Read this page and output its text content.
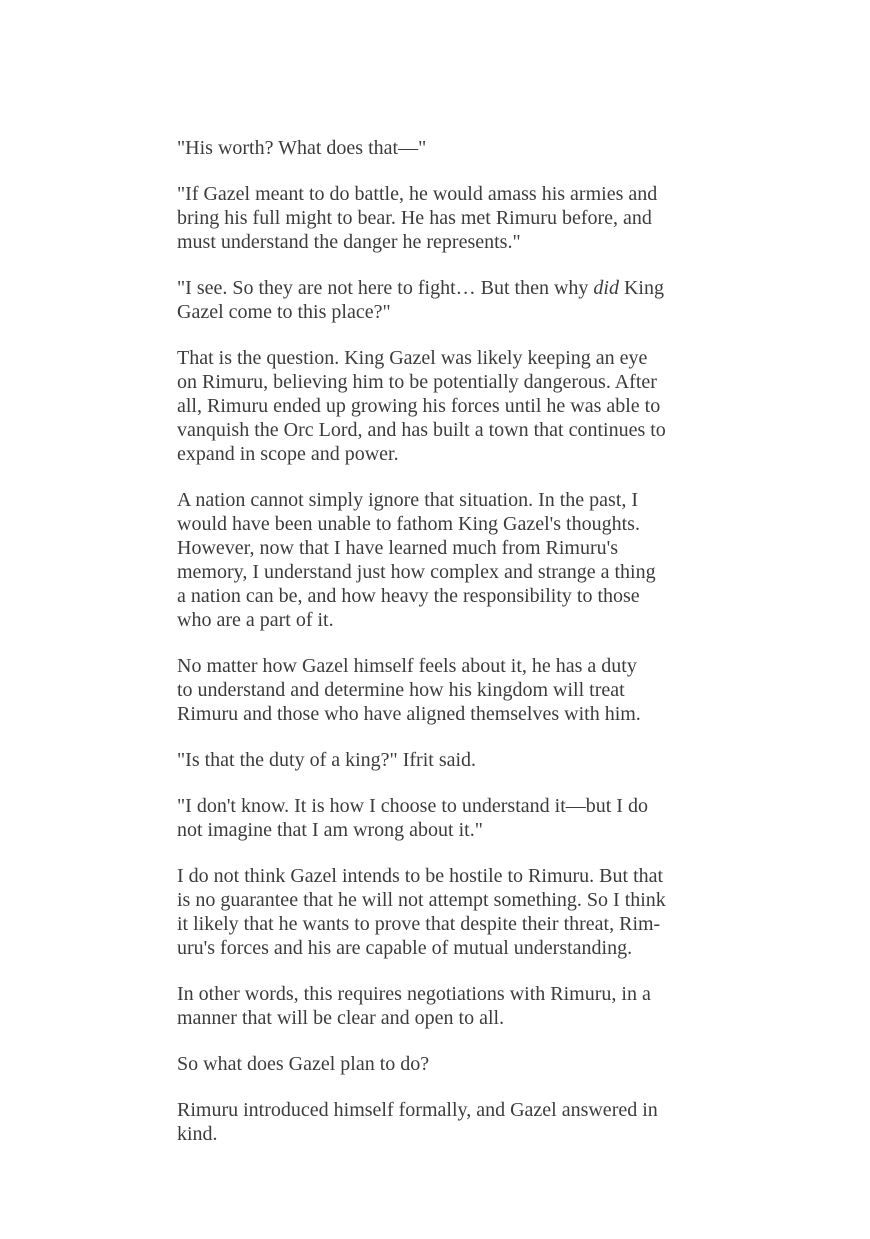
"His worth? What does that—"

"If Gazel meant to do battle, he would amass his armies and
bring his full might to bear. He has met Rimuru before, and
must understand the danger he represents."

"I see. So they are not here to fight… But then why did King
Gazel come to this place?"

That is the question. King Gazel was likely keeping an eye
on Rimuru, believing him to be potentially dangerous. After
all, Rimuru ended up growing his forces until he was able to
vanquish the Orc Lord, and has built a town that continues to
expand in scope and power.

A nation cannot simply ignore that situation. In the past, I
would have been unable to fathom King Gazel's thoughts.
However, now that I have learned much from Rimuru's
memory, I understand just how complex and strange a thing
a nation can be, and how heavy the responsibility to those
who are a part of it.

No matter how Gazel himself feels about it, he has a duty
to understand and determine how his kingdom will treat
Rimuru and those who have aligned themselves with him.

"Is that the duty of a king?" Ifrit said.

"I don't know. It is how I choose to understand it—but I do
not imagine that I am wrong about it."

I do not think Gazel intends to be hostile to Rimuru. But that
is no guarantee that he will not attempt something. So I think
it likely that he wants to prove that despite their threat, Rim-
uru's forces and his are capable of mutual understanding.

In other words, this requires negotiations with Rimuru, in a
manner that will be clear and open to all.

So what does Gazel plan to do?

Rimuru introduced himself formally, and Gazel answered in
kind.
